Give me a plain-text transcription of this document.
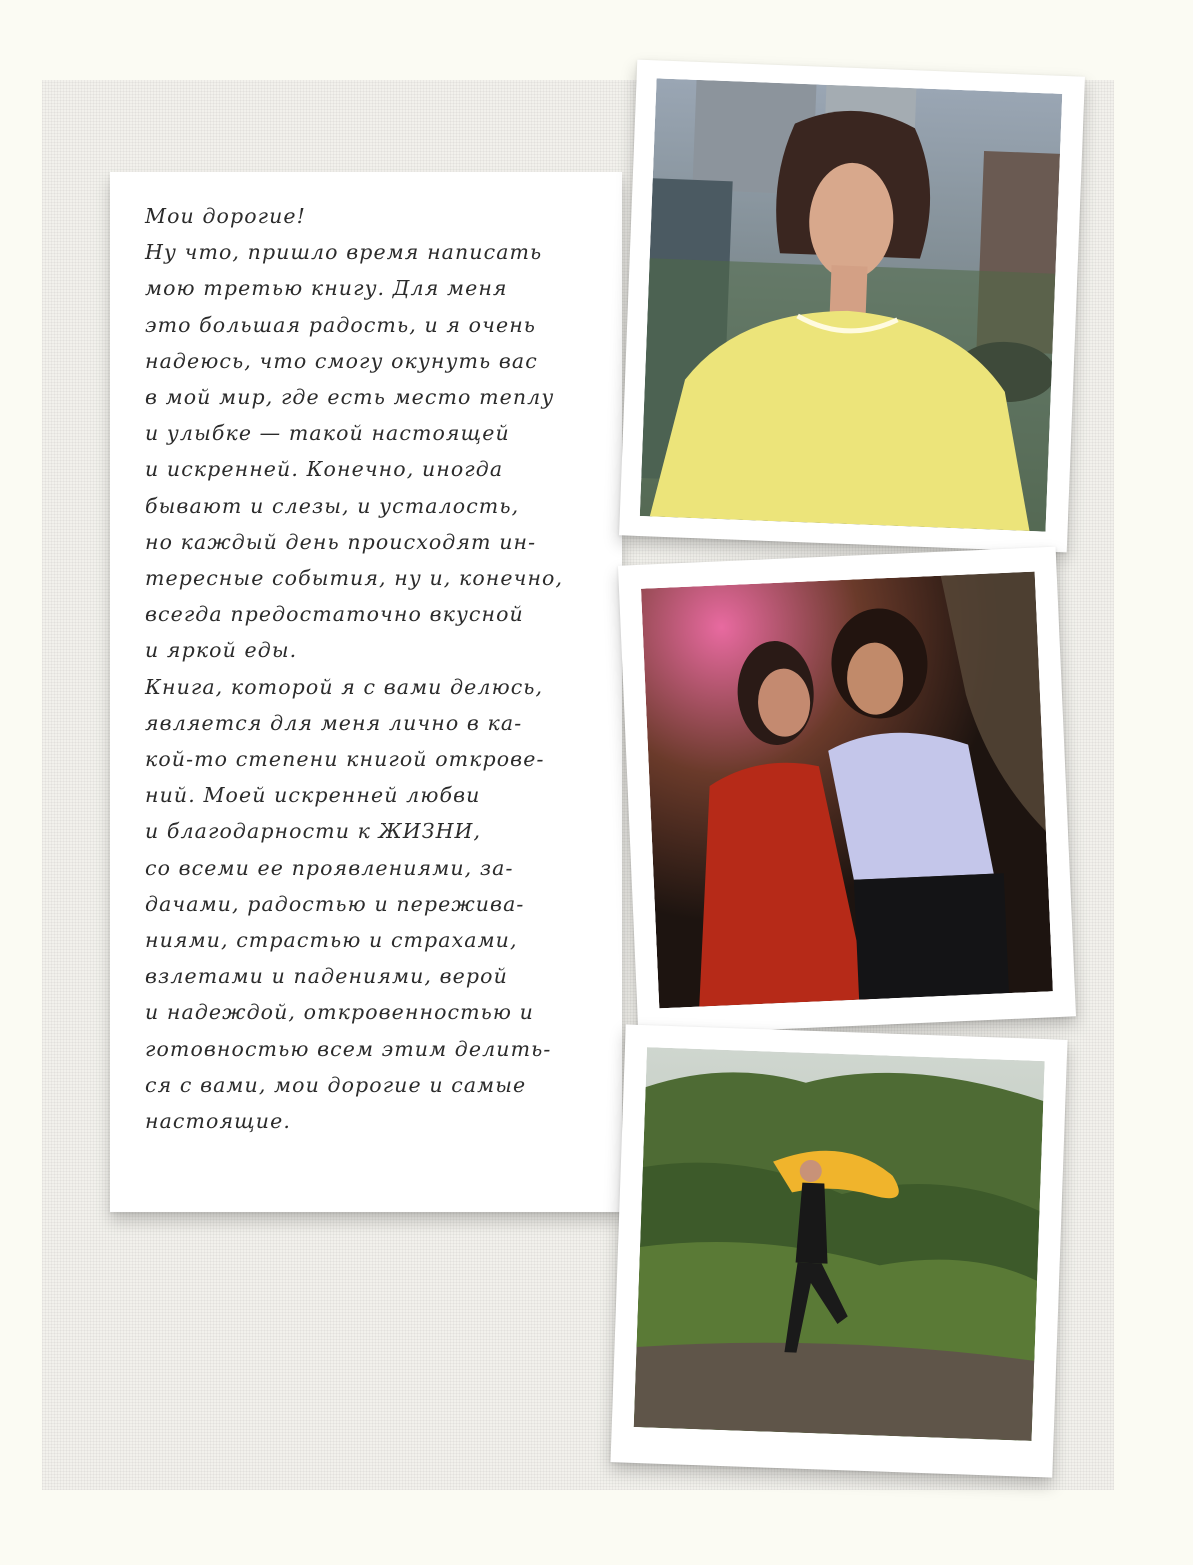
Мои дорогие!
Ну что, пришло время написать
мою третью книгу. Для меня
это большая радость, и я очень
надеюсь, что смогу окунуть вас
в мой мир, где есть место теплу
и улыбке — такой настоящей
и искренней. Конечно, иногда
бывают и слезы, и усталость,
но каждый день происходят ин-
тересные события, ну и, конечно,
всегда предостаточно вкусной
и яркой еды.
Книга, которой я с вами делюсь,
является для меня лично в ка-
кой-то степени книгой открове-
ний. Моей искренней любви
и благодарности к ЖИЗНИ,
со всеми ее проявлениями, за-
дачами, радостью и пережива-
ниями, страстью и страхами,
взлетами и падениями, верой
и надеждой, откровенностью и
готовностью всем этим делить-
ся с вами, мои дорогие и самые
настоящие.
